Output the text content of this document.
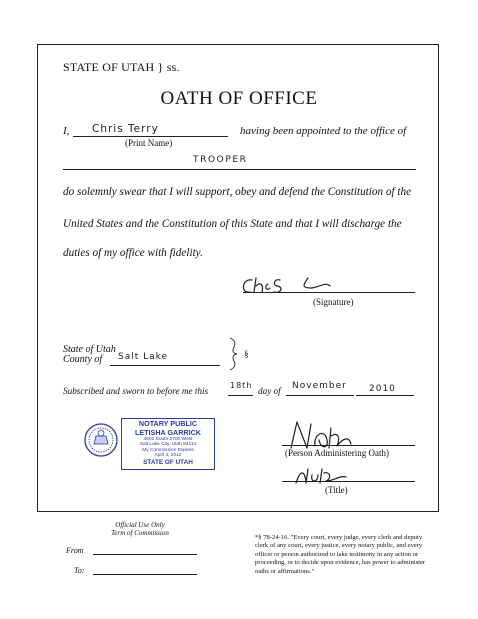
STATE OF UTAH } ss.
OATH OF OFFICE
I, Chris Terry
(Print Name)
having been appointed to the office of
TROOPER
do solemnly swear that I will support, obey and defend the Constitution of the
United States and the Constitution of this State and that I will discharge the
duties of my office with fidelity.
(Signature)
State of Utah
County of Salt Lake	§
Subscribed and sworn to before me this
18th
day of November 2010
NOTARY PUBLIC
LETISHA GARRICK
4501 South 2700 West
Salt Lake City, Utah 84114
My Commission Expires
April 4, 2012
STATE OF UTAH
(Person Administering Oath)
(Title)
Official Use Only
Term of Commission
From
To:
*§ 78-24-16. "Every court, every judge, every clerk and deputy clerk of any court, every justice, every notary public, and every officer or person authorized to take testimony in any action or proceeding, or to decide upon evidence, has power to administer oaths or affirmations."
